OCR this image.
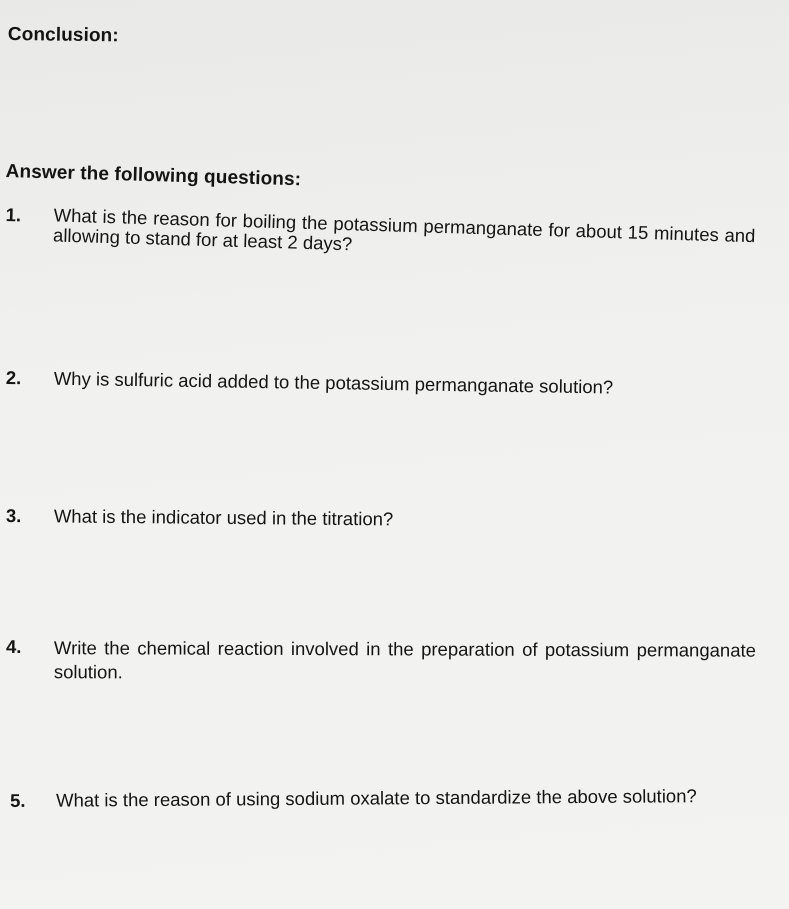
Conclusion:
Answer the following questions:
1. What is the reason for boiling the potassium permanganate for about 15 minutes and allowing to stand for at least 2 days?
2. Why is sulfuric acid added to the potassium permanganate solution?
3. What is the indicator used in the titration?
4. Write the chemical reaction involved in the preparation of potassium permanganate solution.
5. What is the reason of using sodium oxalate to standardize the above solution?
